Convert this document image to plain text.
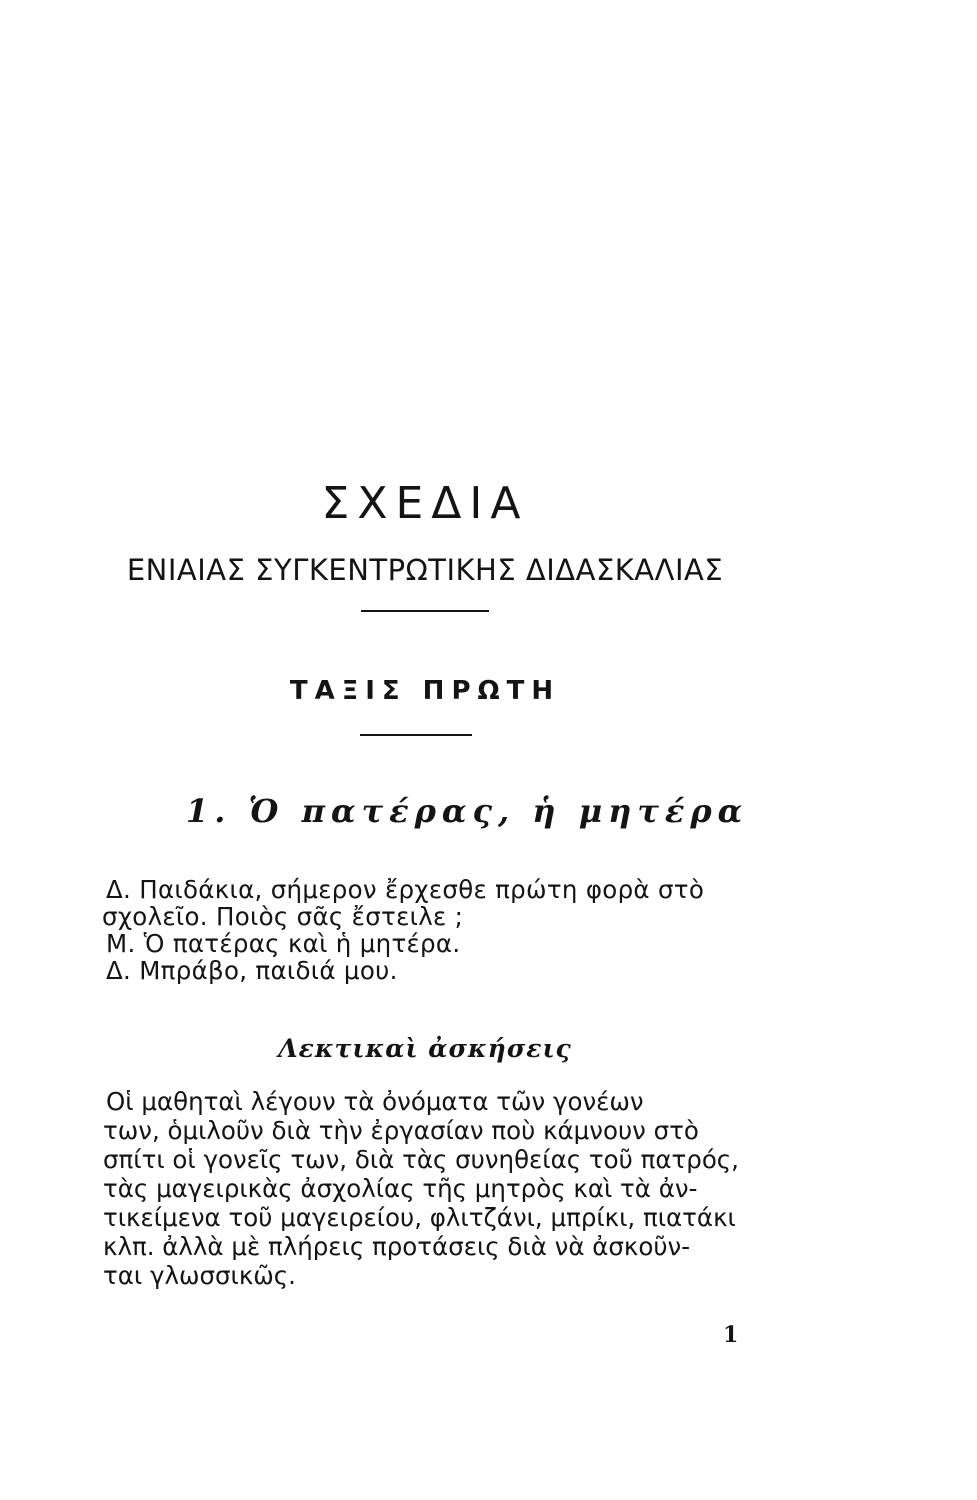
ΣΧΕΔΙΑ
ΕΝΙΑΙΑΣ ΣΥΓΚΕΝΤΡΩΤΙΚΗΣ ΔΙΔΑΣΚΑΛΙΑΣ
ΤΑΞΙΣ ΠΡΩΤΗ
1. Ὁ πατέρας, ἡ μητέρα
Δ. Παιδάκια, σήμερον ἔρχεσθε πρώτη φορὰ στὸ
σχολεῖο. Ποιὸς σᾶς ἔστειλε ;
Μ. Ὁ πατέρας καὶ ἡ μητέρα.
Δ. Μπράβο, παιδιά μου.
Λεκτικαὶ ἀσκήσεις
Οἱ μαθηταὶ λέγουν τὰ ὀνόματα τῶν γονέων
των, ὁμιλοῦν διὰ τὴν ἐργασίαν ποὺ κάμνουν στὸ
σπίτι οἱ γονεῖς των, διὰ τὰς συνηθείας τοῦ πατρός,
τὰς μαγειρικὰς ἀσχολίας τῆς μητρὸς καὶ τὰ ἀν-
τικείμενα τοῦ μαγειρείου, φλιτζάνι, μπρίκι, πιατάκι
κλπ. ἀλλὰ μὲ πλήρεις προτάσεις διὰ νὰ ἀσκοῦν-
ται γλωσσικῶς.
1
